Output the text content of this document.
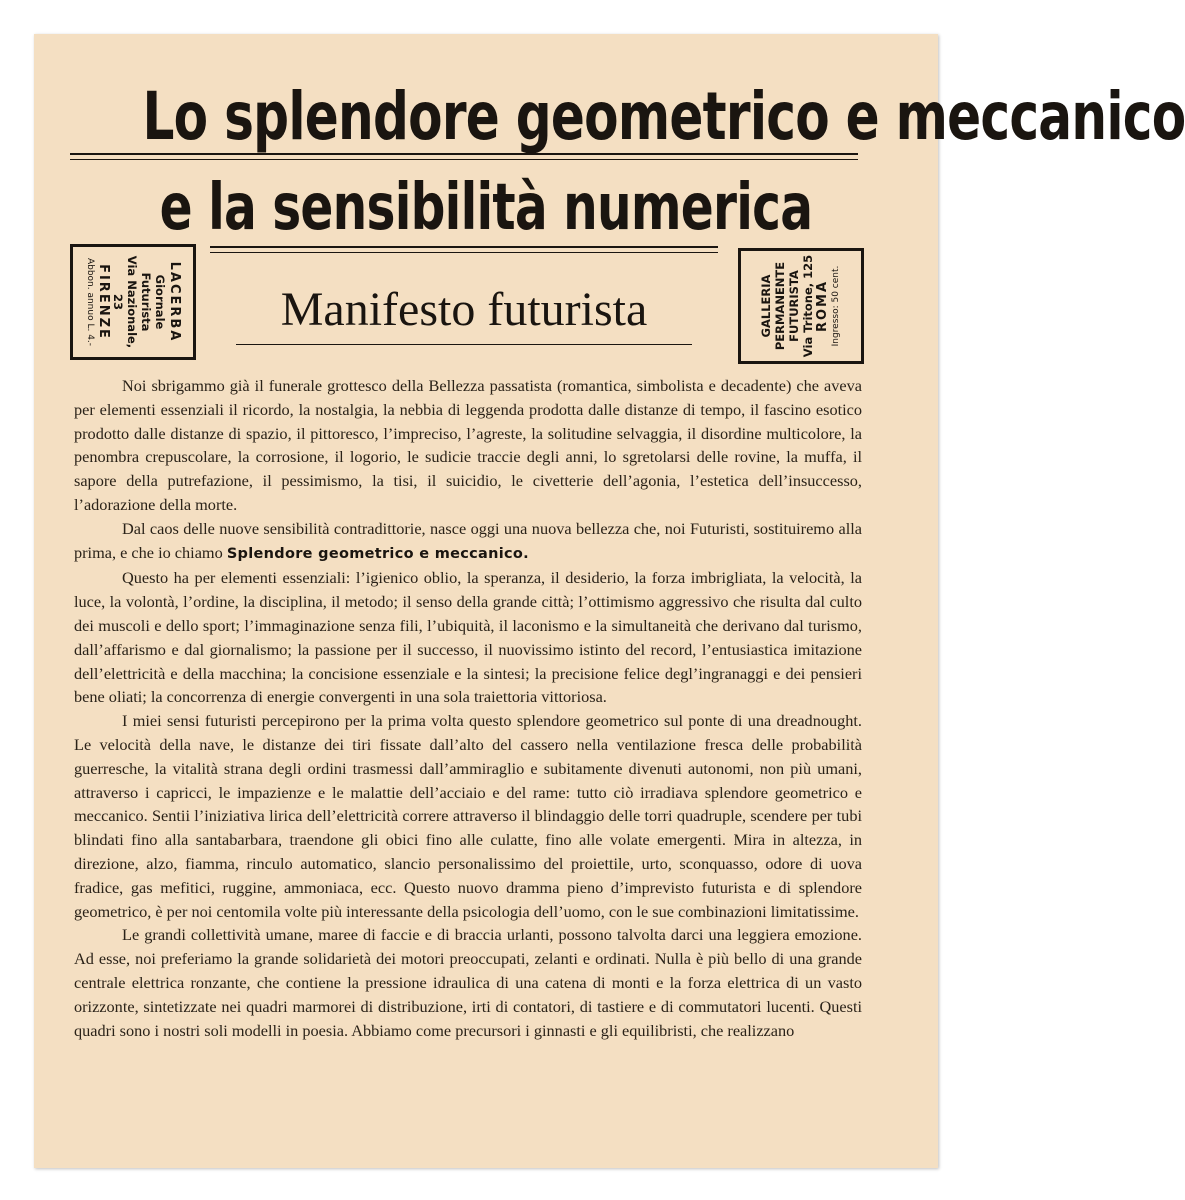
Lo splendore geometrico e meccanico
e la sensibilità numerica
LACERBA
Giornale Futurista
Via Nazionale, 23
FIRENZE
Abbon. annuo L. 4.-	Manifesto futurista	GALLERIA PERMANENTE FUTURISTA Via Tritone, 125 ROMA Ingresso: 50 cent.

Noi sbrigammo già il funerale grottesco della Bellezza passatista (romantica, simbolista e decadente) che aveva per elementi essenziali il ricordo, la nostalgia, la nebbia di leggenda prodotta dalle distanze di tempo, il fascino esotico prodotto dalle distanze di spazio, il pittoresco, l’impreciso, l’agreste, la solitudine selvaggia, il disordine multicolore, la penombra crepuscolare, la corrosione, il logorio, le sudicie traccie degli anni, lo sgretolarsi delle rovine, la muffa, il sapore della putrefazione, il pessimismo, la tisi, il suicidio, le civetterie dell’agonia, l’estetica dell’insuccesso, l’adorazione della morte.

Dal caos delle nuove sensibilità contradittorie, nasce oggi una nuova bellezza che, noi Futuristi, sostituiremo alla prima, e che io chiamo Splendore geometrico e meccanico.

Questo ha per elementi essenziali: l’igienico oblio, la speranza, il desiderio, la forza imbrigliata, la velocità, la luce, la volontà, l’ordine, la disciplina, il metodo; il senso della grande città; l’ottimismo aggressivo che risulta dal culto dei muscoli e dello sport; l’immaginazione senza fili, l’ubiquità, il laconismo e la simultaneità che derivano dal turismo, dall’affarismo e dal giornalismo; la passione per il successo, il nuovissimo istinto del record, l’entusiastica imitazione dell’elettricità e della macchina; la concisione essenziale e la sintesi; la precisione felice degl’ingranaggi e dei pensieri bene oliati; la concorrenza di energie convergenti in una sola traiettoria vittoriosa.

I miei sensi futuristi percepirono per la prima volta questo splendore geometrico sul ponte di una dreadnought. Le velocità della nave, le distanze dei tiri fissate dall’alto del cassero nella ventilazione fresca delle probabilità guerresche, la vitalità strana degli ordini trasmessi dall’ammiraglio e subitamente divenuti autonomi, non più umani, attraverso i capricci, le impazienze e le malattie dell’acciaio e del rame: tutto ciò irradiava splendore geometrico e meccanico. Sentii l’iniziativa lirica dell’elettricità correre attraverso il blindaggio delle torri quadruple, scendere per tubi blindati fino alla santabarbara, traendone gli obici fino alle culatte, fino alle volate emergenti. Mira in altezza, in direzione, alzo, fiamma, rinculo automatico, slancio personalissimo del proiettile, urto, sconquasso, odore di uova fradice, gas mefitici, ruggine, ammoniaca, ecc. Questo nuovo dramma pieno d’imprevisto futurista e di splendore geometrico, è per noi centomila volte più interessante della psicologia dell’uomo, con le sue combinazioni limitatissime.

Le grandi collettività umane, maree di faccie e di braccia urlanti, possono talvolta darci una leggiera emozione. Ad esse, noi preferiamo la grande solidarietà dei motori preoccupati, zelanti e ordinati. Nulla è più bello di una grande centrale elettrica ronzante, che contiene la pressione idraulica di una catena di monti e la forza elettrica di un vasto orizzonte, sintetizzate nei quadri marmorei di distribuzione, irti di contatori, di tastiere e di commutatori lucenti. Questi quadri sono i nostri soli modelli in poesia. Abbiamo come precursori i ginnasti e gli equilibristi, che realizzano
